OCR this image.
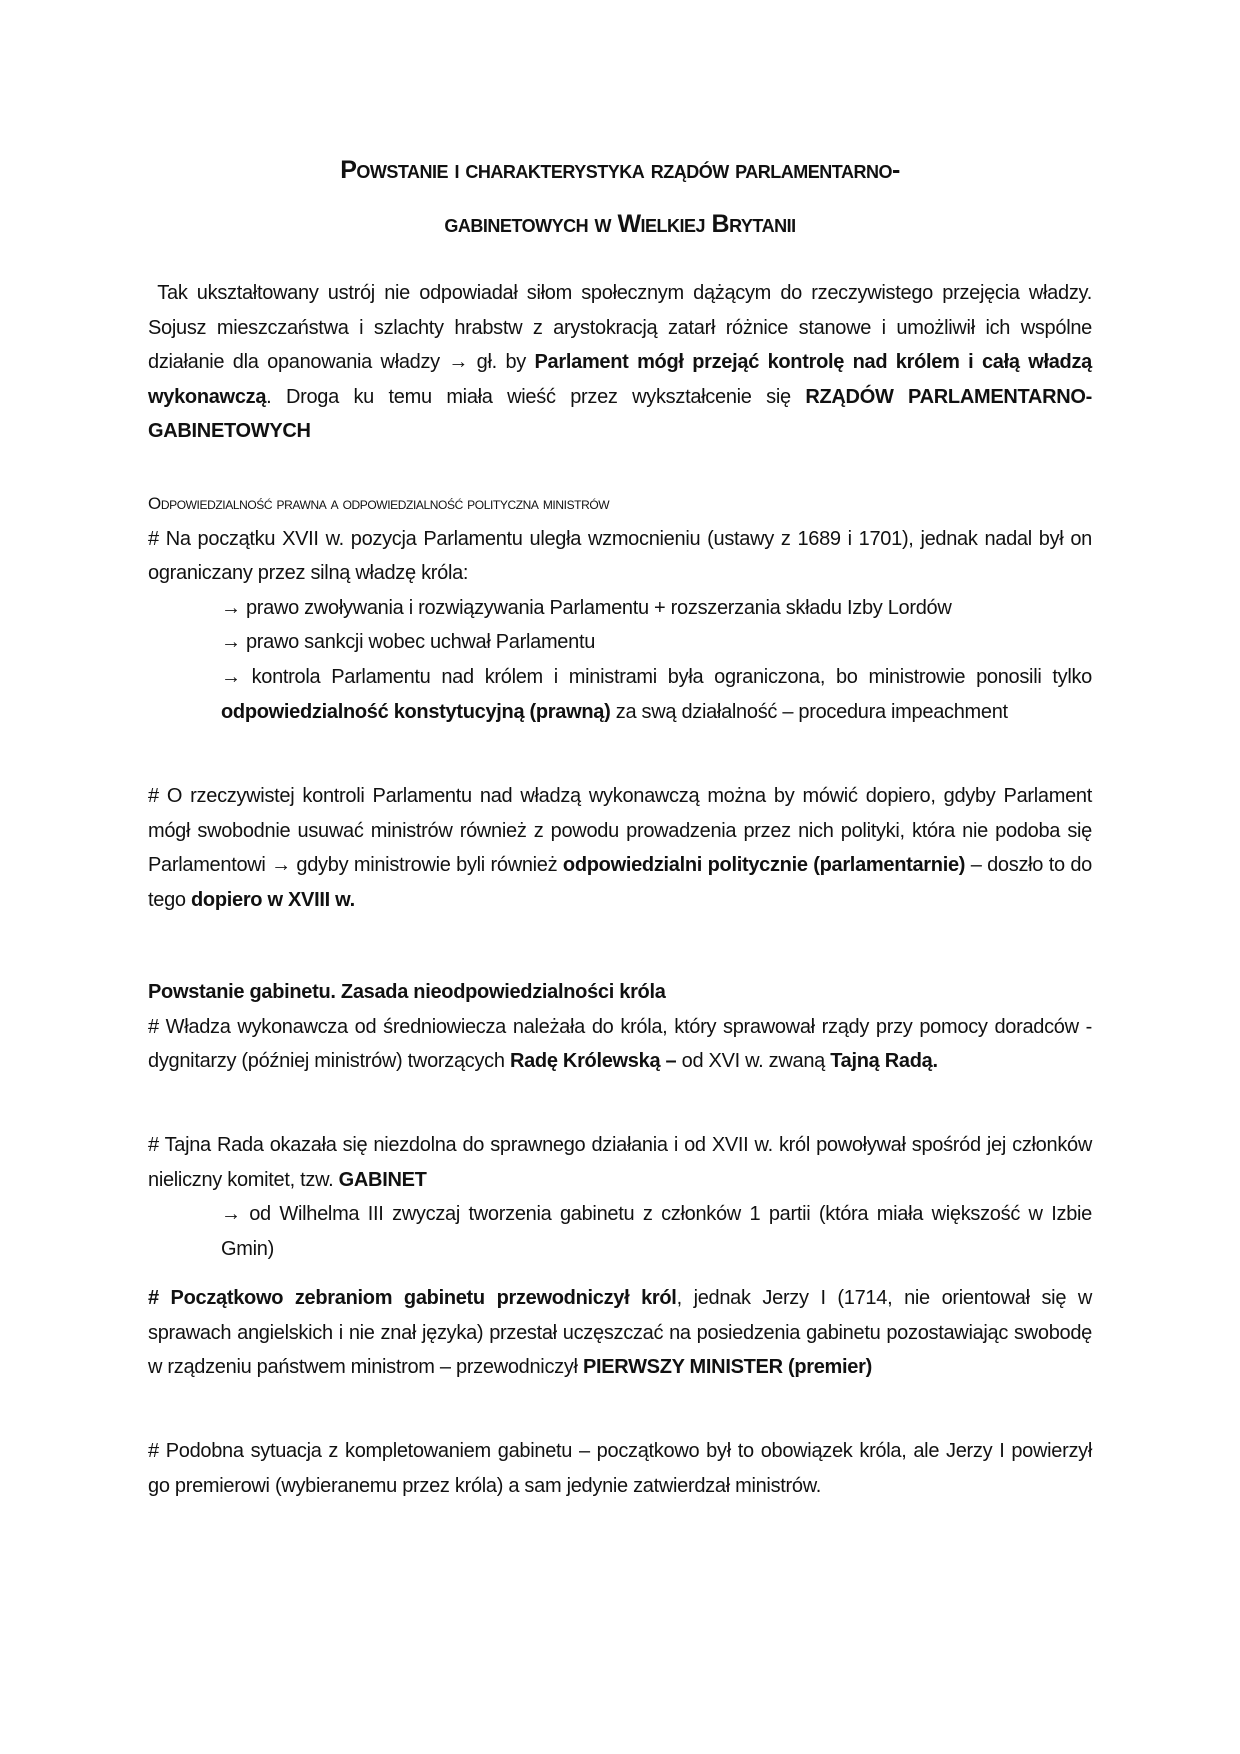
Powstanie i charakterystyka rządów parlamentarno-
gabinetowych w Wielkiej Brytanii

Tak ukształtowany ustrój nie odpowiadał siłom społecznym dążącym do rzeczywistego przejęcia władzy. Sojusz mieszczaństwa i szlachty hrabstw z arystokracją zatarł różnice stanowe i umożliwił ich wspólne działanie dla opanowania władzy → gł. by Parlament mógł przejąć kontrolę nad królem i całą władzą wykonawczą. Droga ku temu miała wieść przez wykształcenie się RZĄDÓW PARLAMENTARNO-GABINETOWYCH

Odpowiedzialność prawna a odpowiedzialność polityczna ministrów

# Na początku XVII w. pozycja Parlamentu uległa wzmocnieniu (ustawy z 1689 i 1701), jednak nadal był on ograniczany przez silną władzę króla:

→ prawo zwoływania i rozwiązywania Parlamentu + rozszerzania składu Izby Lordów

→ prawo sankcji wobec uchwał Parlamentu

→ kontrola Parlamentu nad królem i ministrami była ograniczona, bo ministrowie ponosili tylko odpowiedzialność konstytucyjną (prawną) za swą działalność – procedura impeachment

# O rzeczywistej kontroli Parlamentu nad władzą wykonawczą można by mówić dopiero, gdyby Parlament mógł swobodnie usuwać ministrów również z powodu prowadzenia przez nich polityki, która nie podoba się Parlamentowi → gdyby ministrowie byli również odpowiedzialni politycznie (parlamentarnie) – doszło to do tego dopiero w XVIII w.

Powstanie gabinetu. Zasada nieodpowiedzialności króla

# Władza wykonawcza od średniowiecza należała do króla, który sprawował rządy przy pomocy doradców - dygnitarzy (później ministrów) tworzących Radę Królewską – od XVI w. zwaną Tajną Radą.

# Tajna Rada okazała się niezdolna do sprawnego działania i od XVII w. król powoływał spośród jej członków nieliczny komitet, tzw. GABINET

→ od Wilhelma III zwyczaj tworzenia gabinetu z członków 1 partii (która miała większość w Izbie Gmin)

# Początkowo zebraniom gabinetu przewodniczył król, jednak Jerzy I (1714, nie orientował się w sprawach angielskich i nie znał języka) przestał uczęszczać na posiedzenia gabinetu pozostawiając swobodę w rządzeniu państwem ministrom – przewodniczył PIERWSZY MINISTER (premier)

# Podobna sytuacja z kompletowaniem gabinetu – początkowo był to obowiązek króla, ale Jerzy I powierzył go premierowi (wybieranemu przez króla) a sam jedynie zatwierdzał ministrów.
